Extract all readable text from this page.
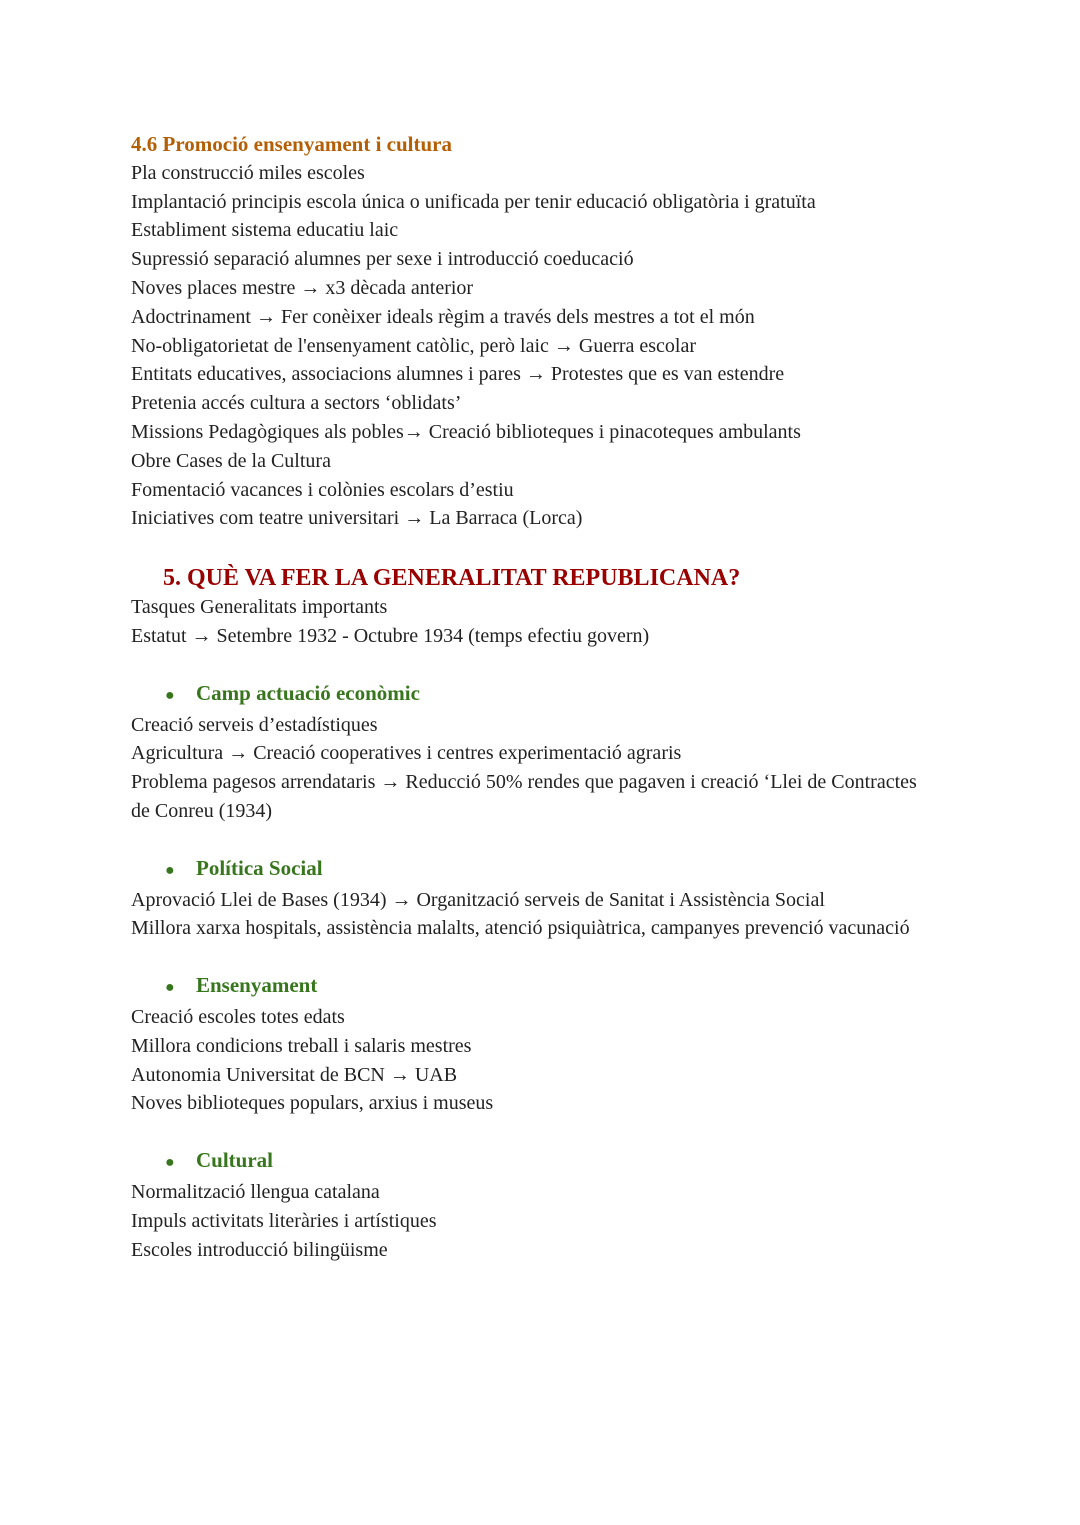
4.6 Promoció ensenyament i cultura
Pla construcció miles escoles
Implantació principis escola única o unificada per tenir educació obligatòria i gratuïta
Establiment sistema educatiu laic
Supressió separació alumnes per sexe i introducció coeducació
Noves places mestre → x3 dècada anterior
Adoctrinament → Fer conèixer ideals règim a través dels mestres a tot el món
No-obligatorietat de l'ensenyament catòlic, però laic → Guerra escolar
Entitats educatives, associacions alumnes i pares → Protestes que es van estendre
Pretenia accés cultura a sectors ‘oblidats’
Missions Pedagògiques als pobles→ Creació biblioteques i pinacoteques ambulants
Obre Cases de la Cultura
Fomentació vacances i colònies escolars d’estiu
Iniciatives com teatre universitari → La Barraca (Lorca)
5. QUÈ VA FER LA GENERALITAT REPUBLICANA?
Tasques Generalitats importants
Estatut → Setembre 1932 - Octubre 1934 (temps efectiu govern)
● Camp actuació econòmic
Creació serveis d’estadístiques
Agricultura → Creació cooperatives i centres experimentació agraris
Problema pagesos arrendataris → Reducció 50% rendes que pagaven i creació ‘Llei de Contractes de Conreu (1934)
● Política Social
Aprovació Llei de Bases (1934) → Organització serveis de Sanitat i Assistència Social
Millora xarxa hospitals, assistència malalts, atenció psiquiàtrica, campanyes prevenció vacunació
● Ensenyament
Creació escoles totes edats
Millora condicions treball i salaris mestres
Autonomia Universitat de BCN → UAB
Noves biblioteques populars, arxius i museus
● Cultural
Normalització llengua catalana
Impuls activitats literàries i artístiques
Escoles introducció bilingüisme
